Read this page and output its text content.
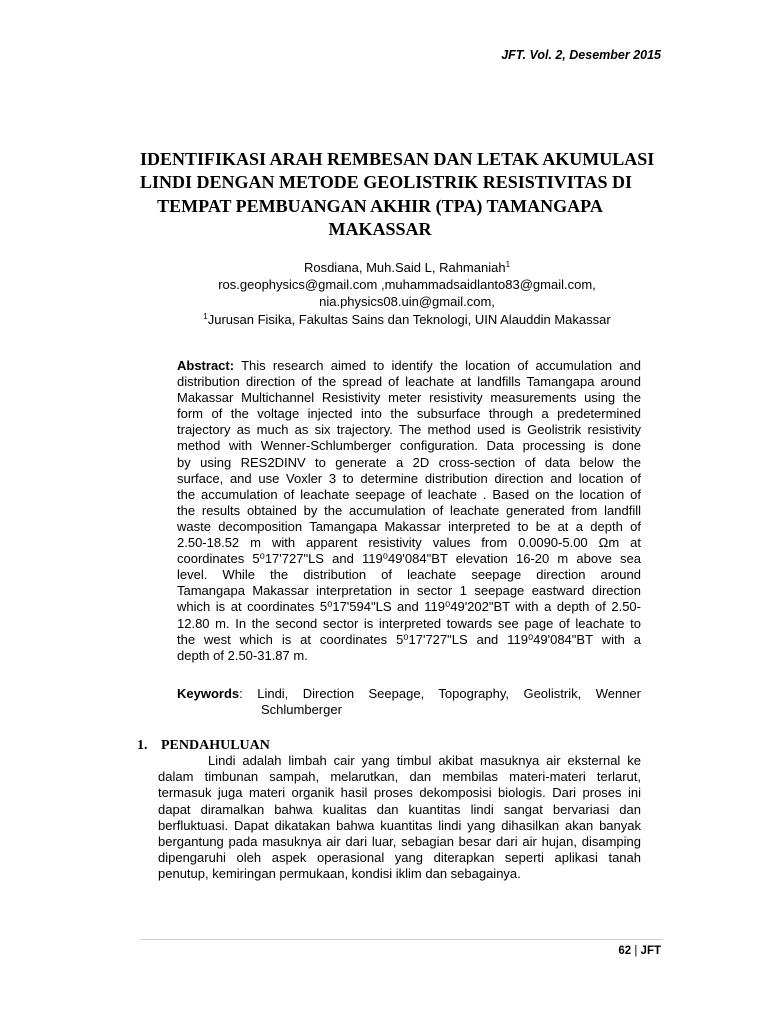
JFT. Vol. 2, Desember 2015
IDENTIFIKASI ARAH REMBESAN DAN LETAK AKUMULASI
LINDI DENGAN METODE GEOLISTRIK RESISTIVITAS DI
TEMPAT PEMBUANGAN AKHIR (TPA) TAMANGAPA
MAKASSAR
Rosdiana, Muh.Said L, Rahmaniah$^1$
ros.geophysics@gmail.com ,muhammadsaidlanto83@gmail.com,
nia.physics08.uin@gmail.com,
$^1$Jurusan Fisika, Fakultas Sains dan Teknologi, UIN Alauddin Makassar
Abstract: This research aimed to identify the location of accumulation and
distribution direction of the spread of leachate at landfills Tamangapa around
Makassar Multichannel Resistivity meter resistivity measurements using the
form of the voltage injected into the subsurface through a predetermined
trajectory as much as six trajectory. The method used is Geolistrik resistivity
method with Wenner-Schlumberger configuration. Data processing is done
by using RES2DINV to generate a 2D cross-section of data below the
surface, and use Voxler 3 to determine distribution direction and location of
the accumulation of leachate seepage of leachate . Based on the location of
the results obtained by the accumulation of leachate generated from landfill
waste decomposition Tamangapa Makassar interpreted to be at a depth of
2.50-18.52 m with apparent resistivity values from 0.0090-5.00 Ωm at
coordinates 5⁰17'727"LS and 119⁰49'084"BT elevation 16-20 m above sea
level. While the distribution of leachate seepage direction around
Tamangapa Makassar interpretation in sector 1 seepage eastward direction
which is at coordinates 5⁰17'594"LS and 119⁰49'202"BT with a depth of 2.50-
12.80 m. In the second sector is interpreted towards see page of leachate to
the west which is at coordinates 5⁰17'727"LS and 119⁰49'084"BT with a
depth of 2.50-31.87 m.
Keywords: Lindi, Direction Seepage, Topography, Geolistrik, Wenner
Schlumberger
1. PENDAHULUAN
Lindi adalah limbah cair yang timbul akibat masuknya air eksternal ke
dalam timbunan sampah, melarutkan, dan membilas materi-materi terlarut,
termasuk juga materi organik hasil proses dekomposisi biologis. Dari proses ini
dapat diramalkan bahwa kualitas dan kuantitas lindi sangat bervariasi dan
berfluktuasi. Dapat dikatakan bahwa kuantitas lindi yang dihasilkan akan banyak
bergantung pada masuknya air dari luar, sebagian besar dari air hujan, disamping
dipengaruhi oleh aspek operasional yang diterapkan seperti aplikasi tanah
penutup, kemiringan permukaan, kondisi iklim dan sebagainya.
62 | JFT
